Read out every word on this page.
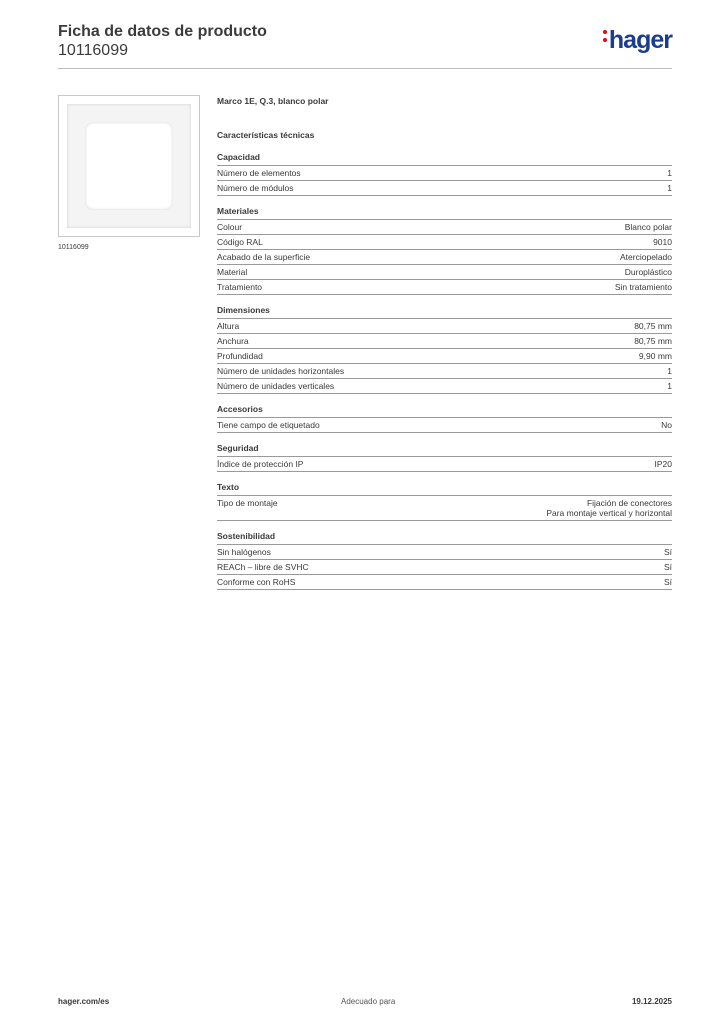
Ficha de datos de producto
10116099	hager
10116099
Marco 1E, Q.3, blanco polar
Características técnicas
Capacidad
Número de elementos	1
Número de módulos	1
Materiales
Colour	Blanco polar
Código RAL	9010
Acabado de la superficie	Aterciopelado
Material	Duroplástico
Tratamiento	Sin tratamiento
Dimensiones
Altura	80,75 mm
Anchura	80,75 mm
Profundidad	9,90 mm
Número de unidades horizontales	1
Número de unidades verticales	1
Accesorios
Tiene campo de etiquetado	No
Seguridad
Índice de protección IP	IP20
Texto
Tipo de montaje	Fijación de conectores
Para montaje vertical y horizontal
Sostenibilidad
Sin halógenos	Sí
REACh – libre de SVHC	Sí
Conforme con RoHS	Sí
hager.com/es	Adecuado para	19.12.2025
